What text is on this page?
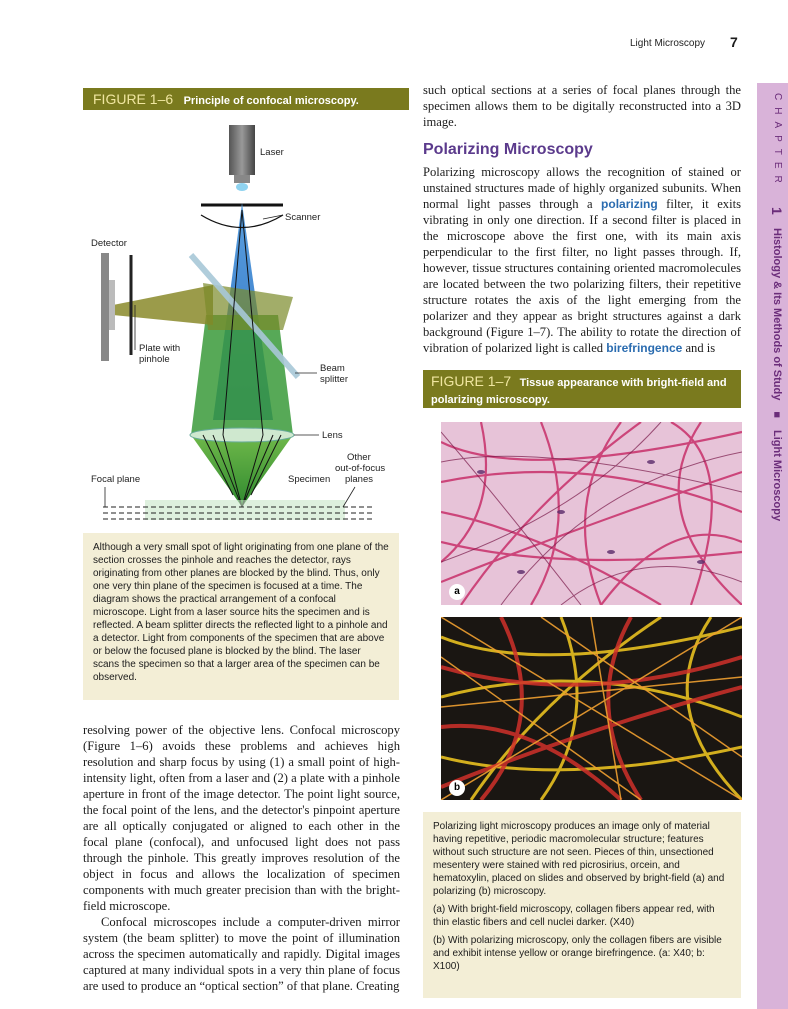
Light Microscopy 7
CHAPTER 1 Histology & Its Methods of Study ■ Light Microscopy
FIGURE 1–6 Principle of confocal microscopy.
Laser
Scanner
Detector
Plate with
pinhole
Beam
splitter
Lens
Other
out-of-focus
planes
Specimen
Focal plane
Although a very small spot of light originating from one plane of the section crosses the pinhole and reaches the detector, rays originating from other planes are blocked by the blind. Thus, only one very thin plane of the specimen is focused at a time. The diagram shows the practical arrangement of a confocal microscope. Light from a laser source hits the specimen and is reflected. A beam splitter directs the reflected light to a pinhole and a detector. Light from components of the specimen that are above or below the focused plane is blocked by the blind. The laser scans the specimen so that a larger area of the specimen can be observed.

resolving power of the objective lens. Confocal microscopy (Figure 1–6) avoids these problems and achieves high resolution and sharp focus by using (1) a small point of high-intensity light, often from a laser and (2) a plate with a pinhole aperture in front of the image detector. The point light source, the focal point of the lens, and the detector's pinpoint aperture are all optically conjugated or aligned to each other in the focal plane (confocal), and unfocused light does not pass through the pinhole. This greatly improves resolution of the object in focus and allows the localization of specimen components with much greater precision than with the bright-field microscope.

Confocal microscopes include a computer-driven mirror system (the beam splitter) to move the point of illumination across the specimen automatically and rapidly. Digital images captured at many individual spots in a very thin plane of focus are used to produce an “optical section” of that plane. Creating

such optical sections at a series of focal planes through the specimen allows them to be digitally reconstructed into a 3D image.

Polarizing Microscopy

Polarizing microscopy allows the recognition of stained or unstained structures made of highly organized subunits. When normal light passes through a polarizing filter, it exits vibrating in only one direction. If a second filter is placed in the microscope above the first one, with its main axis perpendicular to the first filter, no light passes through. If, however, tissue structures containing oriented macromolecules are located between the two polarizing filters, their repetitive structure rotates the axis of the light emerging from the polarizer and they appear as bright structures against a dark background (Figure 1–7). The ability to rotate the direction of vibration of polarized light is called birefringence and is

FIGURE 1–7 Tissue appearance with bright-field and polarizing microscopy.
a
b
Polarizing light microscopy produces an image only of material having repetitive, periodic macromolecular structure; features without such structure are not seen. Pieces of thin, unsectioned mesentery were stained with red picrosirius, orcein, and hematoxylin, placed on slides and observed by bright-field (a) and polarizing (b) microscopy.
(a) With bright-field microscopy, collagen fibers appear red, with thin elastic fibers and cell nuclei darker. (X40)
(b) With polarizing microscopy, only the collagen fibers are visible and exhibit intense yellow or orange birefringence. (a: X40; b: X100)
